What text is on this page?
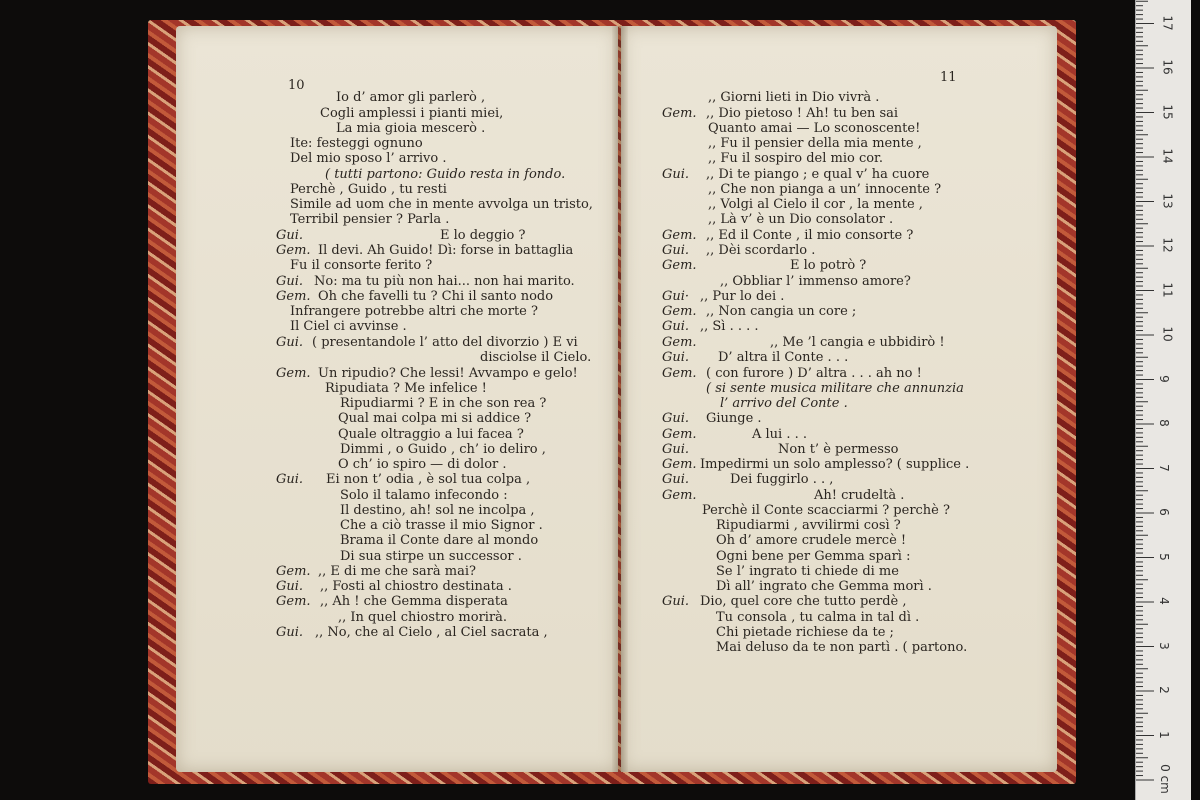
10
11
Io d’ amor gli parlerò ,
Cogli amplessi i pianti miei,
La mia gioia mescerò .
Ite: festeggi ognuno
Del mio sposo l’ arrivo .
( tutti partono: Guido resta in fondo.
Perchè , Guido , tu resti
Simile ad uom che in mente avvolga un tristo,
Terribil pensier ? Parla .
Gui.	E lo deggio ?
Gem. Il devi. Ah Guido! Dì: forse in battaglia
Fu il consorte ferito ?
Gui. No: ma tu più non hai... non hai marito.
Gem. Oh che favelli tu ? Chi il santo nodo
Infrangere potrebbe altri che morte ?
Il Ciel ci avvinse .
Gui. ( presentandole l’ atto del divorzio ) E vi
disciolse il Cielo.
Gem. Un ripudio? Che lessi! Avvampo e gelo!
Ripudiata ? Me infelice !
Ripudiarmi ? E in che son rea ?
Qual mai colpa mi si addice ?
Quale oltraggio a lui facea ?
Dimmi , o Guido , ch’ io deliro ,
O ch’ io spiro — di dolor .
Gui. Ei non t’ odia , è sol tua colpa ,
Solo il talamo infecondo :
Il destino, ah! sol ne incolpa ,
Che a ciò trasse il mio Signor .
Brama il Conte dare al mondo
Di sua stirpe un successor .
Gem. ,, E di me che sarà mai?
Gui. ,, Fosti al chiostro destinata .
Gem. ,, Ah ! che Gemma disperata
,, In quel chiostro morirà.
Gui. ,, No, che al Cielo , al Ciel sacrata ,
,, Giorni lieti in Dio vivrà .
Gem. ,, Dio pietoso ! Ah! tu ben sai
Quanto amai — Lo sconoscente!
,, Fu il pensier della mia mente ,
,, Fu il sospiro del mio cor.
Gui. ,, Di te piango ; e qual v’ ha cuore
,, Che non pianga a un’ innocente ?
,, Volgi al Cielo il cor , la mente ,
,, Là v’ è un Dio consolator .
Gem. ,, Ed il Conte , il mio consorte ?
Gui. ,, Dèi scordarlo .
Gem.	E lo potrò ?
,, Obbliar l’ immenso amore?
Gui· ,, Pur lo dei .
Gem. ,, Non cangia un core ;
Gui. ,, Sì . . . .
Gem.	,, Me ’l cangia e ubbidirò !
Gui. D’ altra il Conte . . .
Gem. ( con furore ) D’ altra . . . ah no !
( si sente musica militare che annunzia
l’ arrivo del Conte .
Gui. Giunge .
Gem.	A lui . . .
Gui.	Non t’ è permesso
Gem. Impedirmi un solo amplesso? ( supplice .
Gui.	Dei fuggirlo . . ,
Gem.	Ah! crudeltà .
Perchè il Conte scacciarmi ? perchè ?
Ripudiarmi , avvilirmi così ?
Oh d’ amore crudele mercè !
Ogni bene per Gemma sparì :
Se l’ ingrato ti chiede di me
Dì all’ ingrato che Gemma morì .
Gui. Dio, quel core che tutto perdè ,
Tu consola , tu calma in tal dì .
Chi pietade richiese da te ;
Mai deluso da te non partì . ( partono.
0 cm
1
2
3
4
5
6
7
8
9
10
11
12
13
14
15
16
17
